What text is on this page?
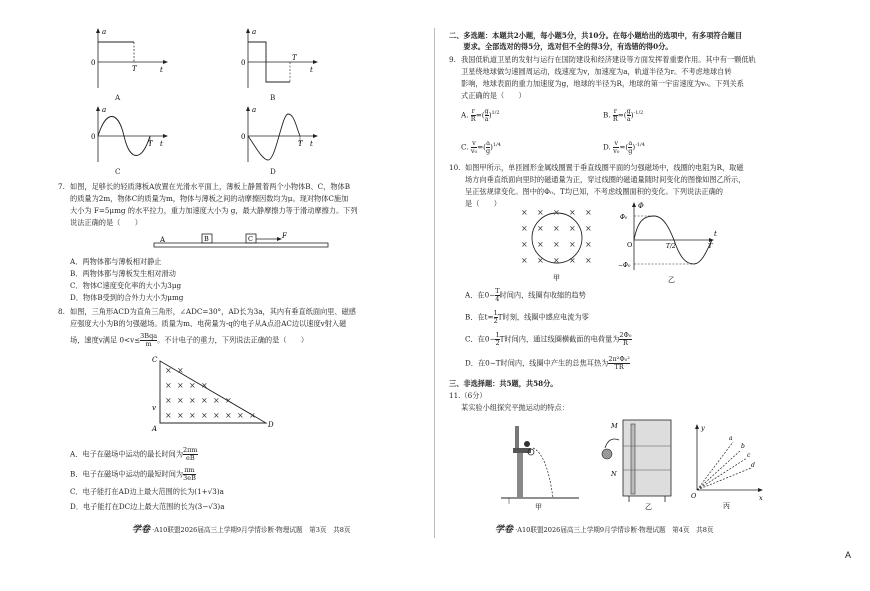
a
0
T	t
A
a
0
T
t
B
a
0
T t
C
a
0
T t
D
7. 如图，足够长的轻质薄板A放置在光滑水平面上，薄板上静置着两个小物体B、C，物体B
的质量为2m，物体C的质量为m，物体与薄板之间的动摩擦因数均为μ。现对物体C施加
大小为 F=5μmg 的水平拉力，重力加速度大小为 g，最大静摩擦力等于滑动摩擦力。下列
说法正确的是（　　）
A	B	C	F
A．两物体都与薄板相对静止
B．两物体都与薄板发生相对滑动
C．物体C速度变化率的大小为3μg
D．物体B受到的合外力大小为μmg
8. 如图，三角形ACD为直角三角形，∠ADC=30°，AD长为3a，其内有垂直纸面向里、磁感
应强度大小为B的匀强磁场。质量为m、电荷量为-q的电子从A点沿AC边以速度v射入磁
场，速度v满足 $0<v\le \frac{\text{3Bqa}}{m}$ 。不计电子的重力，下列说法正确的是（　　）
× ×
× × × ×
× × × × × ×
× × × × × × × ×
C
A	D
v
A．电子在磁场中运动的最长时间为 $\frac{2\pi m}{eB}$
B．电子在磁场中运动的最短时间为 $\frac{\pi m}{3eB}$
C．电子能打在AD边上最大范围的长为(1+√3)a
D．电子能打在DC边上最大范围的长为(3−√3)a
学卷 ·A10联盟2026届高三上学期9月学情诊断·物理试题　第3页　共8页
二、多选题：本题共2小题，每小题5分，共10分。在每小题给出的选项中，有多项符合题目
　　要求。全部选对的得5分，选对但不全的得3分，有选错的得0分。
9. 我国低轨道卫星的发射与运行在国防建设和经济建设等方面发挥着重要作用。其中有一颗低轨
卫星绕地球做匀速圆周运动，线速度为v，加速度为a，轨道半径为r。不考虑地球自转
影响，地球表面的重力加速度为g，地球的半径为R，地球的第一宇宙速度为v₀。下列关系
式正确的是（　　）
A. $\frac{r}{R}$ =( $\frac{g}{a} )^{1/2}$	B. $\frac{r}{R}$ =( $\frac{g}{a} )^{-1/2}$
C. $\frac{v}{\text{v₀}}$ =( $\frac{a}{g} )^{1/4}$	D. $\frac{v}{\text{v₀}}$ =( $\frac{a}{g} )^{-1/4}$
10. 如图甲所示，单匝圆形金属线圈置于垂直线圈平面的匀强磁场中，线圈的电阻为R，取磁
场方向垂直纸面向里时的磁通量为正，穿过线圈的磁通量随时间变化的图像如图乙所示，
呈正弦规律变化。图中的Φ₀、T均已知，不考虑线圈面积的变化。下列说法正确的
是（　　）
× × × × ×
× × × × ×
× × × × ×
× × × × ×
甲
Φ
Φ₀
−Φ₀
O	T/2	T
t
乙
A．在$0- \frac{T}{4}$ 时间内，线圈有收缩的趋势
B．在$t= \frac{1}{2}$ T时刻，线圈中感应电流为零
C．在$0- \frac{1}{2}$ T时间内，通过线圈横截面的电荷量为 $\frac{\text{2Φ₀}}{R}$
D．在0−T时间内，线圈中产生的总焦耳热为 $\frac{\text{2π²Φ₀²}}{TR}$
三、非选择题：共5题，共58分。
11.（6分）
某实验小组探究平抛运动的特点：
甲
M
N
乙
y
x
O
a
b
c
d
丙
学卷 ·A10联盟2026届高三上学期9月学情诊断·物理试题　第4页　共8页
A
